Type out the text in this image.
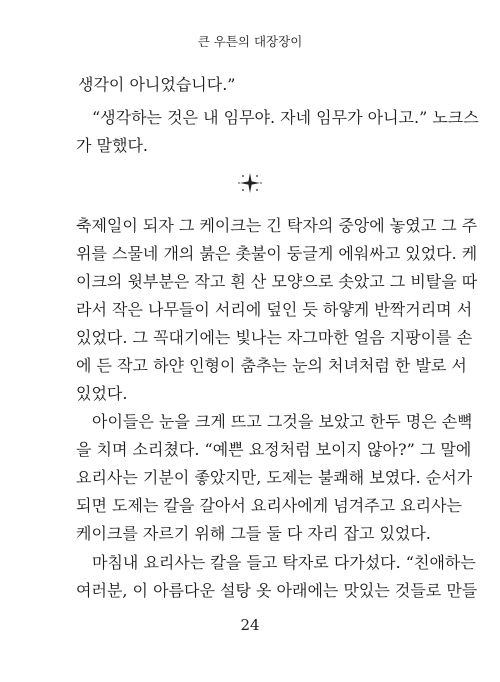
큰 우튼의 대장장이
생각이 아니었습니다.”
“생각하는 것은 내 임무야. 자네 임무가 아니고.” 노크스
가 말했다.
축제일이 되자 그 케이크는 긴 탁자의 중앙에 놓였고 그 주
위를 스물네 개의 붉은 촛불이 둥글게 에워싸고 있었다. 케
이크의 윗부분은 작고 흰 산 모양으로 솟았고 그 비탈을 따
라서 작은 나무들이 서리에 덮인 듯 하얗게 반짝거리며 서
있었다. 그 꼭대기에는 빛나는 자그마한 얼음 지팡이를 손
에 든 작고 하얀 인형이 춤추는 눈의 처녀처럼 한 발로 서
있었다.
아이들은 눈을 크게 뜨고 그것을 보았고 한두 명은 손뼉
을 치며 소리쳤다. “예쁜 요정처럼 보이지 않아?” 그 말에
요리사는 기분이 좋았지만, 도제는 불쾌해 보였다. 순서가
되면 도제는 칼을 갈아서 요리사에게 넘겨주고 요리사는
케이크를 자르기 위해 그들 둘 다 자리 잡고 있었다.
마침내 요리사는 칼을 들고 탁자로 다가섰다. “친애하는
여러분, 이 아름다운 설탕 옷 아래에는 맛있는 것들로 만들
24
